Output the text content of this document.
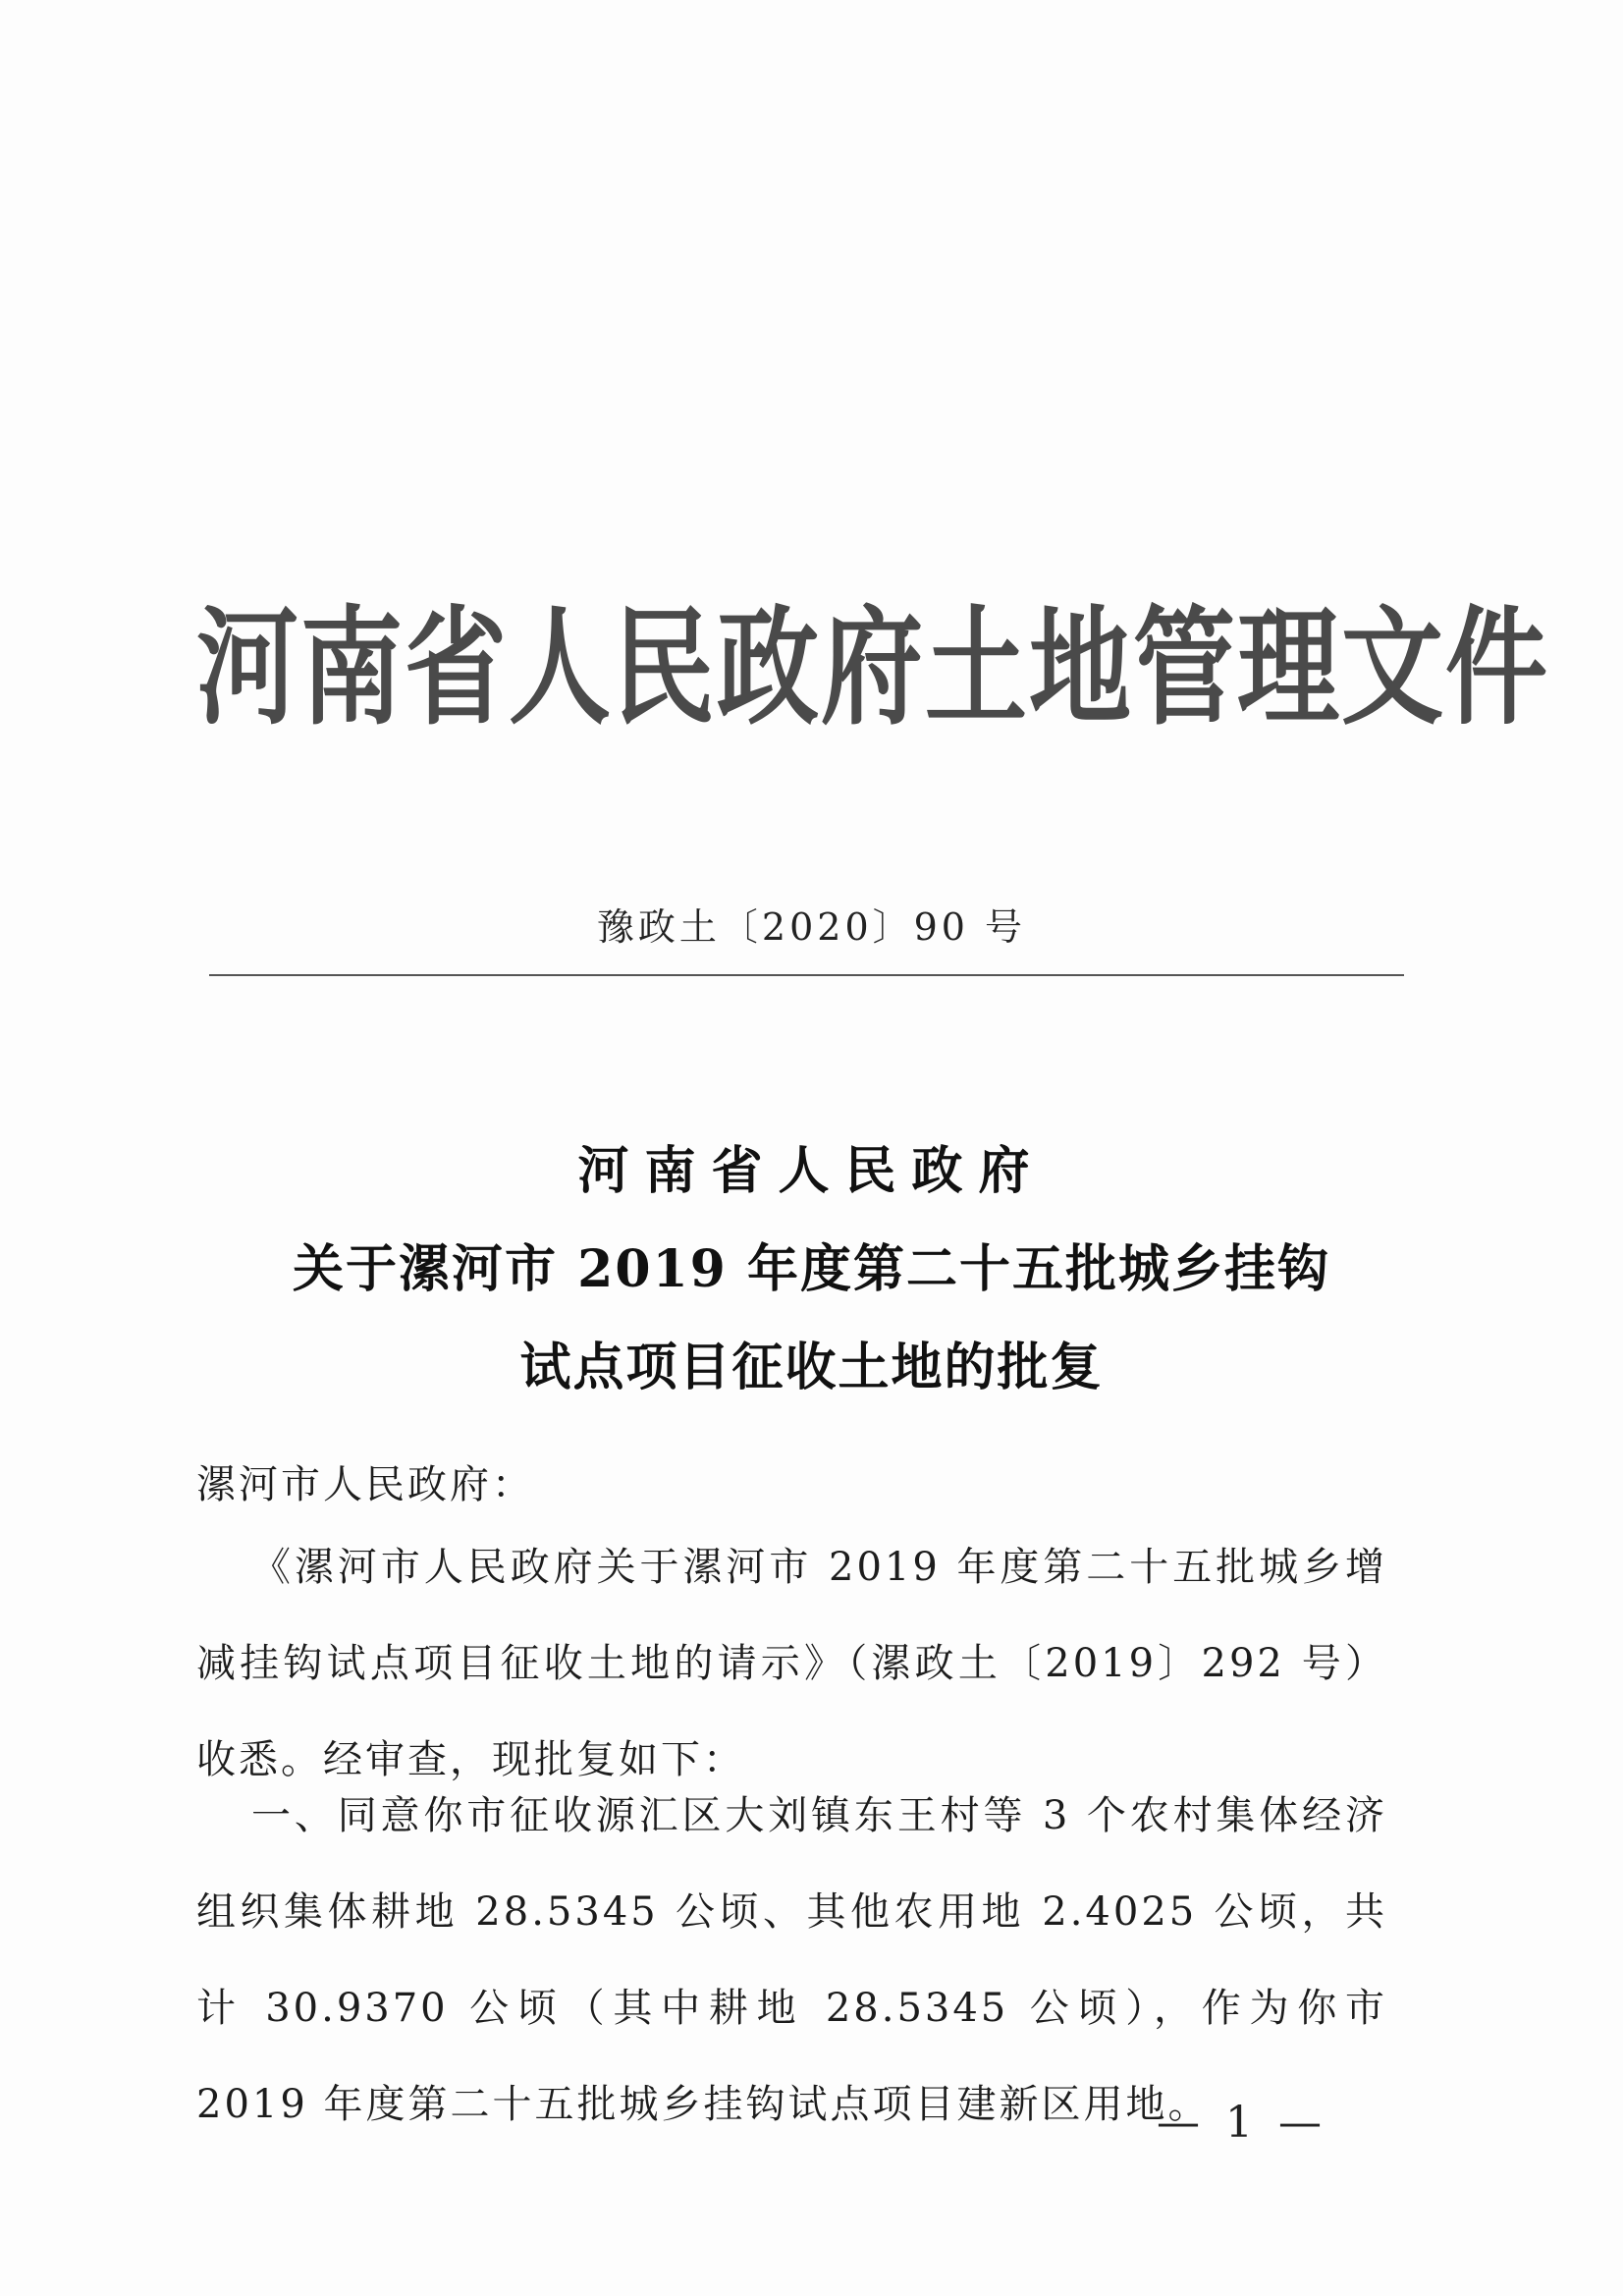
河南省人民政府土地管理文件
豫政土〔2020〕90 号
河南省人民政府
关于漯河市 2019 年度第二十五批城乡挂钩
试点项目征收土地的批复
漯河市人民政府：
《漯河市人民政府关于漯河市 2019 年度第二十五批城乡增减挂钩试点项目征收土地的请示》（漯政土〔2019〕292 号）收悉。经审查，现批复如下：
一、同意你市征收源汇区大刘镇东王村等 3 个农村集体经济组织集体耕地 28.5345 公顷、其他农用地 2.4025 公顷，共计 30.9370 公顷（其中耕地 28.5345 公顷），作为你市 2019 年度第二十五批城乡挂钩试点项目建新区用地。
— 1 —
